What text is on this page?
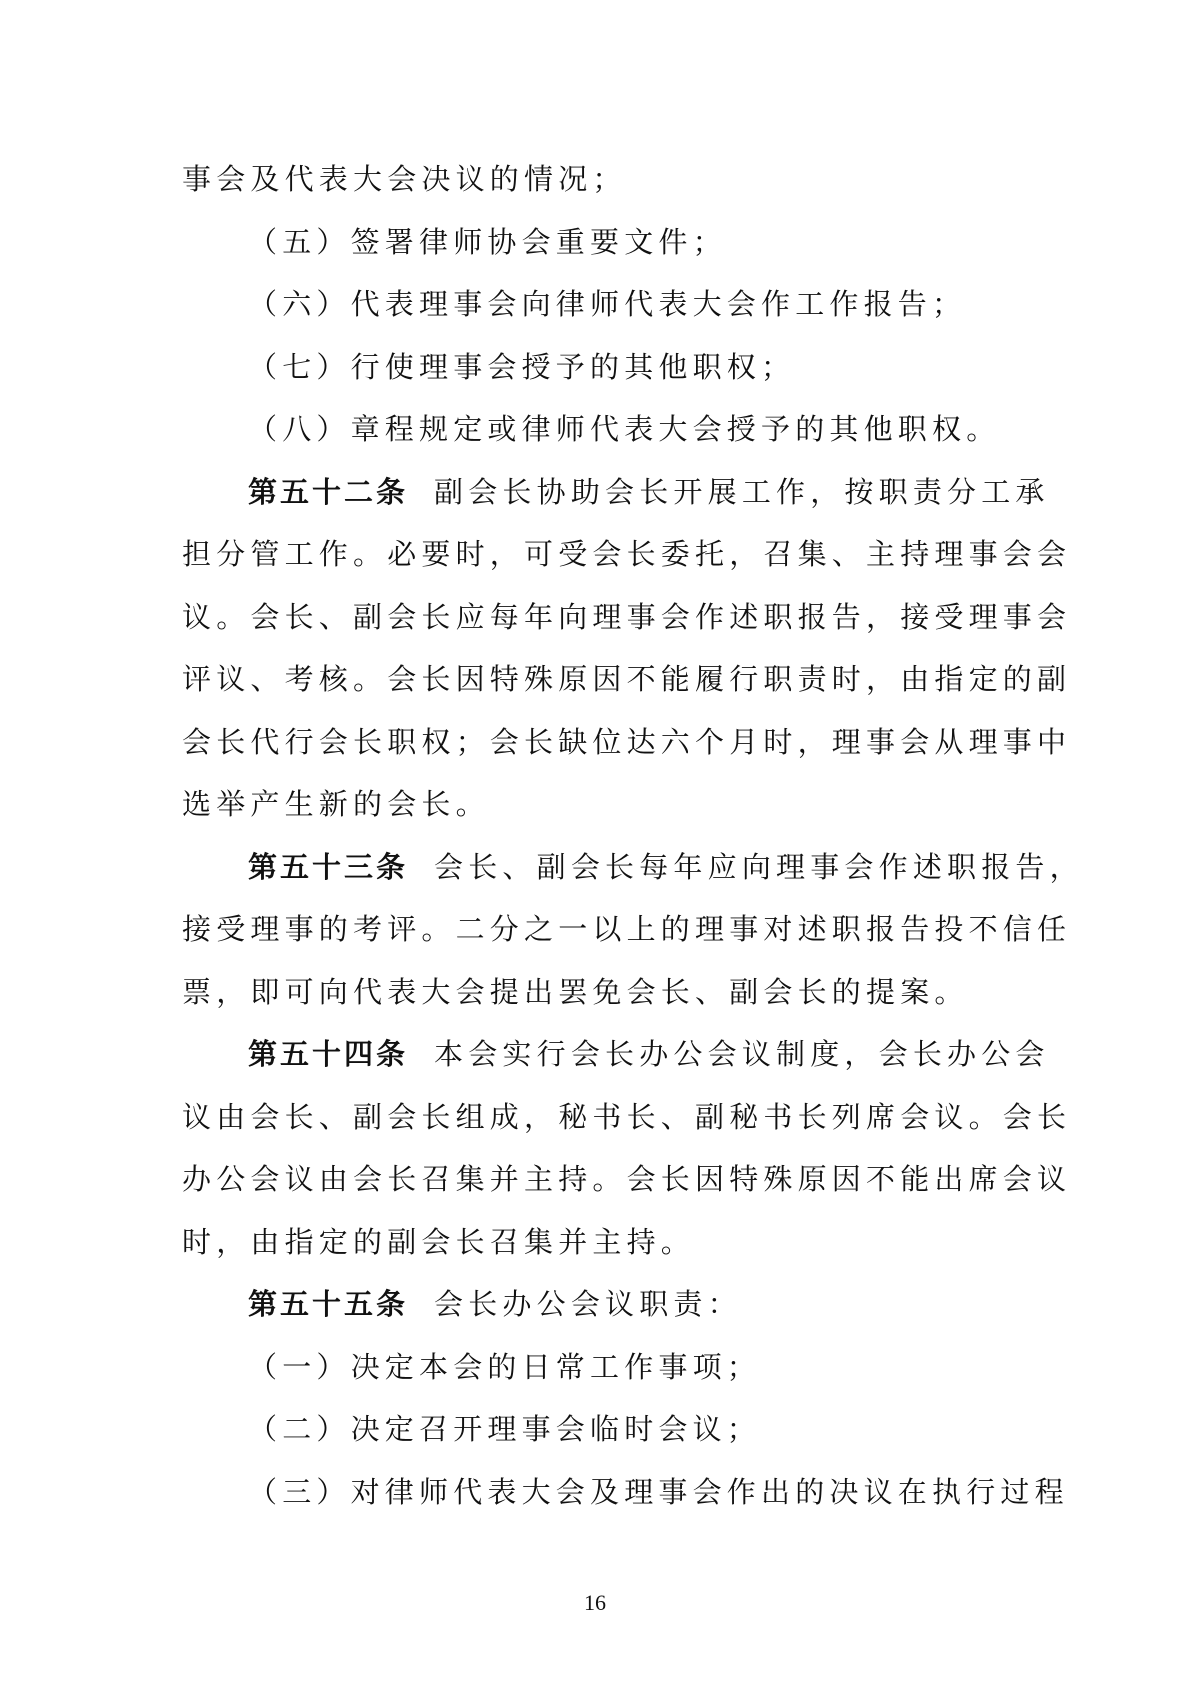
事会及代表大会决议的情况；
（五）签署律师协会重要文件；
（六）代表理事会向律师代表大会作工作报告；
（七）行使理事会授予的其他职权；
（八）章程规定或律师代表大会授予的其他职权。
第五十二条 副会长协助会长开展工作，按职责分工承
担分管工作。必要时，可受会长委托，召集、主持理事会会
议。会长、副会长应每年向理事会作述职报告，接受理事会
评议、考核。会长因特殊原因不能履行职责时，由指定的副
会长代行会长职权；会长缺位达六个月时，理事会从理事中
选举产生新的会长。
第五十三条 会长、副会长每年应向理事会作述职报告，
接受理事的考评。二分之一以上的理事对述职报告投不信任
票，即可向代表大会提出罢免会长、副会长的提案。
第五十四条 本会实行会长办公会议制度，会长办公会
议由会长、副会长组成，秘书长、副秘书长列席会议。会长
办公会议由会长召集并主持。会长因特殊原因不能出席会议
时，由指定的副会长召集并主持。
第五十五条 会长办公会议职责：
（一）决定本会的日常工作事项；
（二）决定召开理事会临时会议；
（三）对律师代表大会及理事会作出的决议在执行过程
16
